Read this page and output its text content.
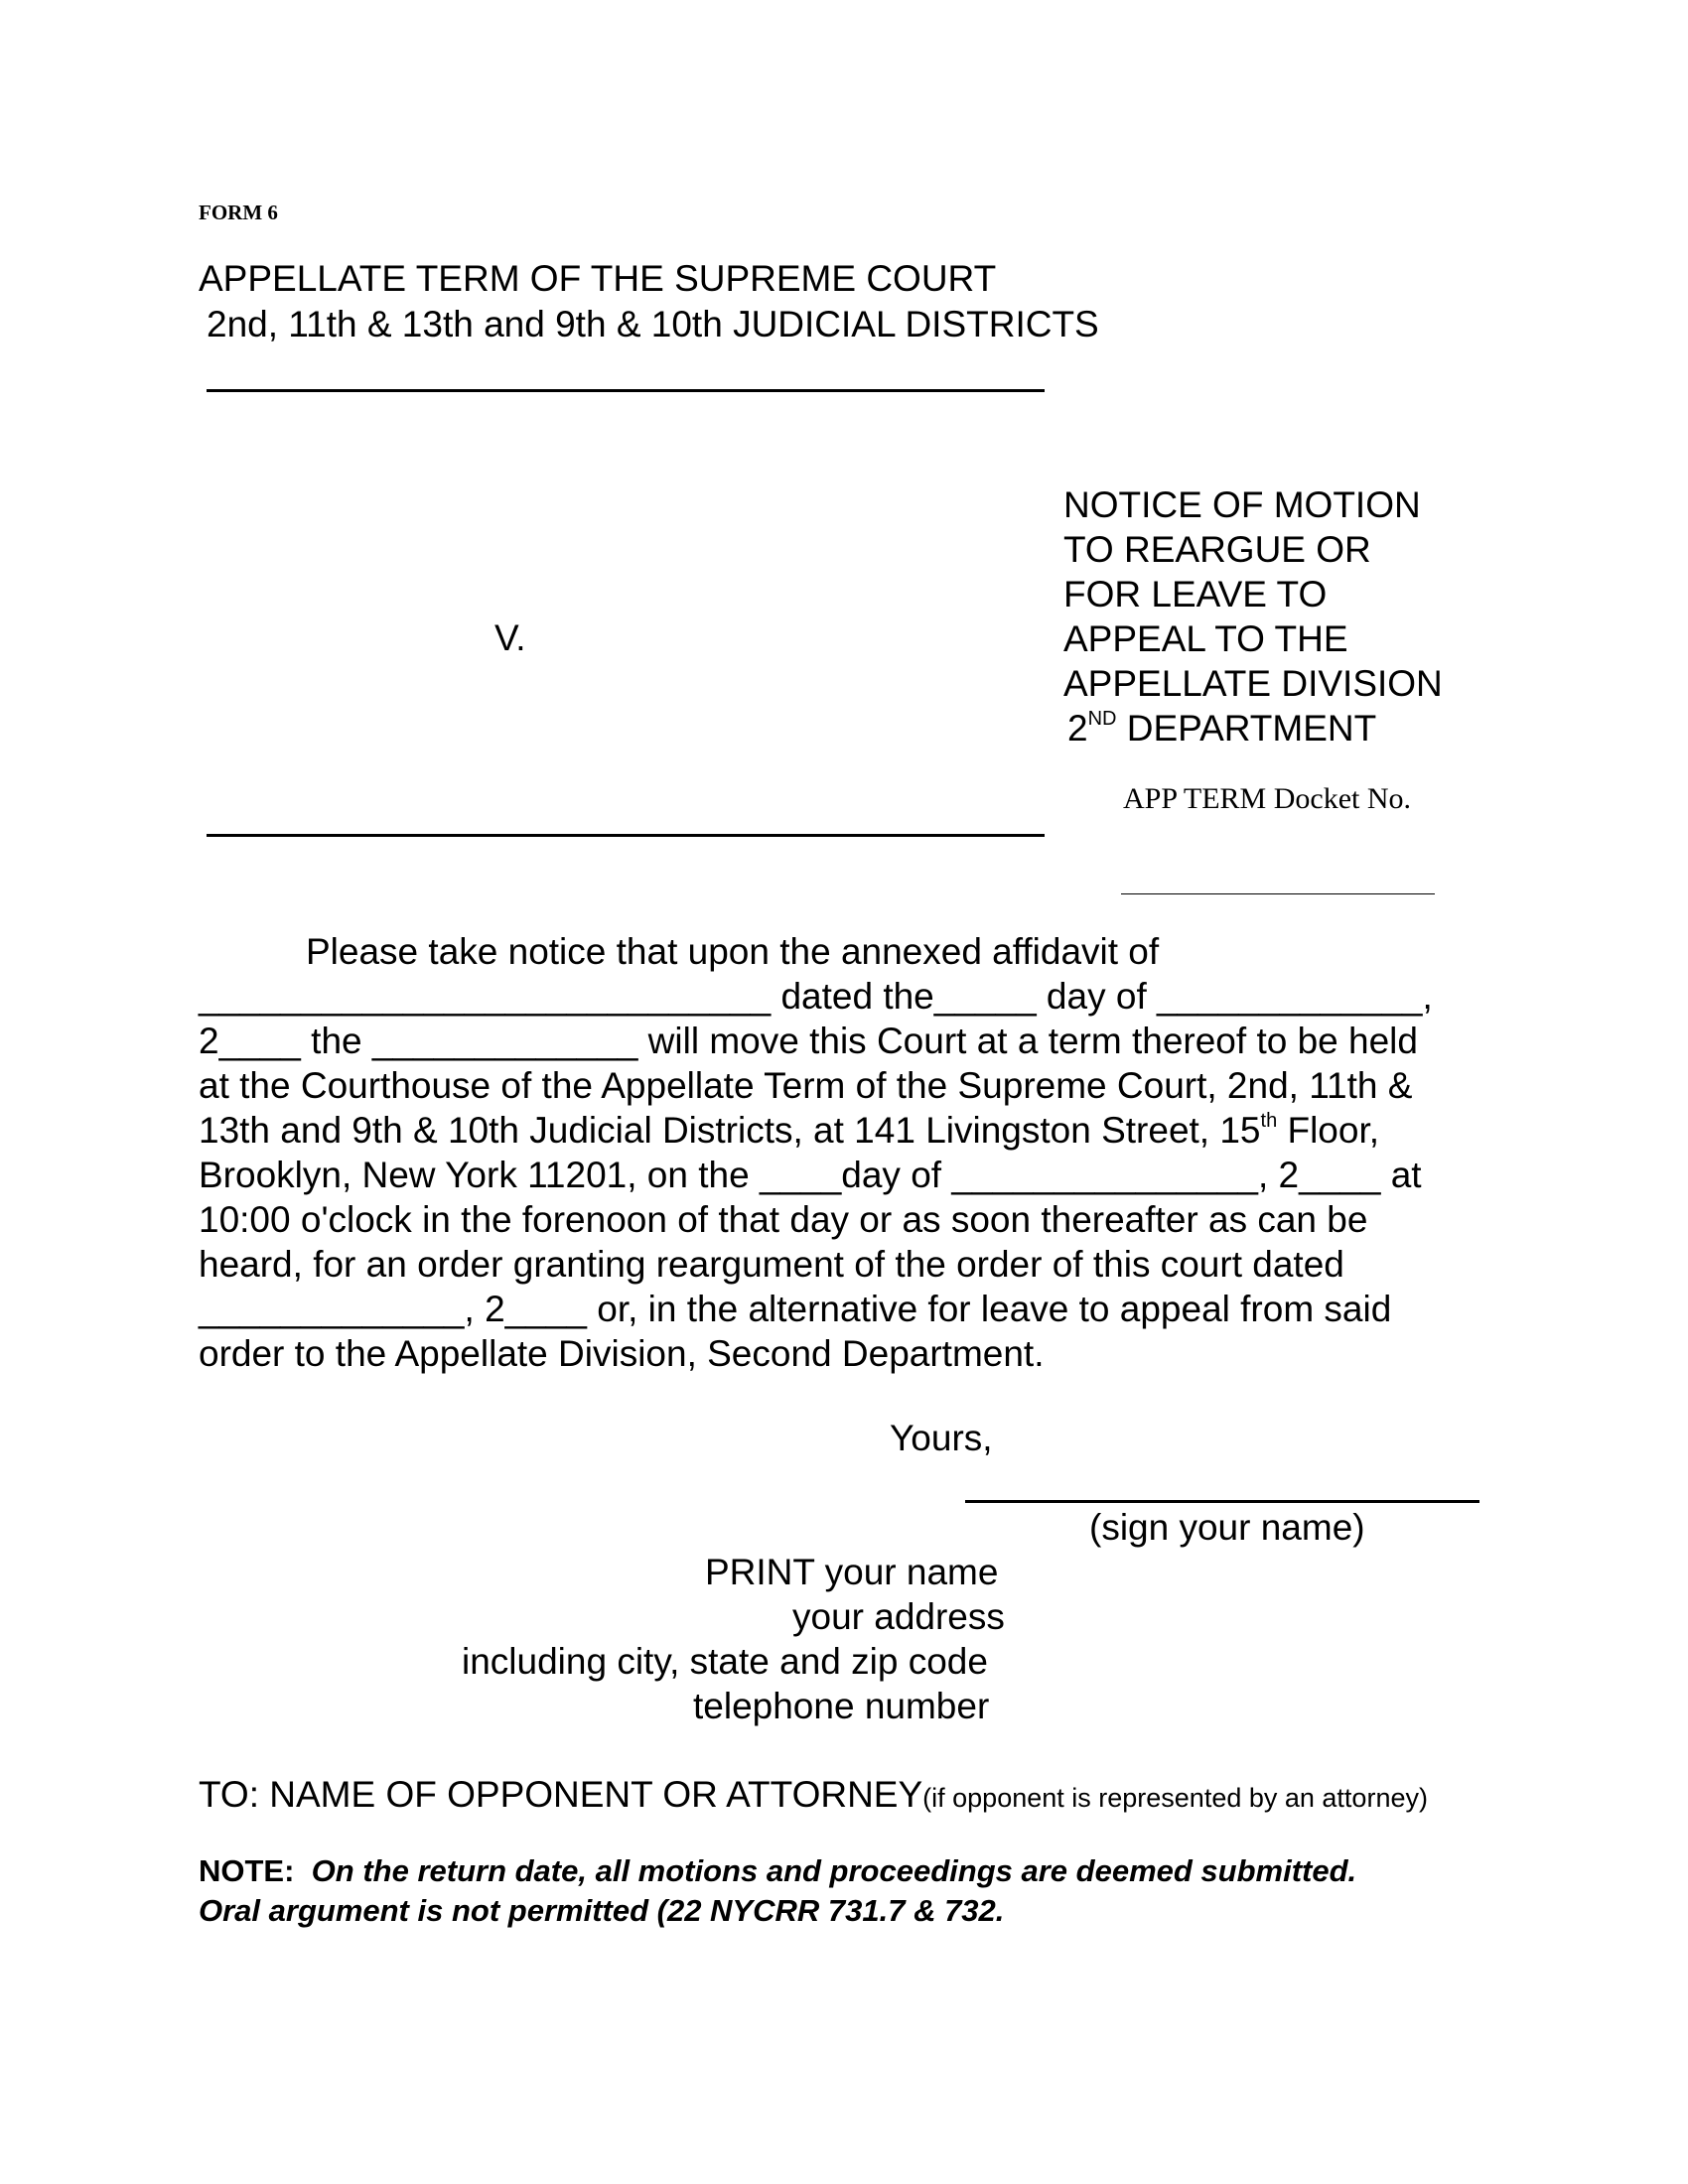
FORM 6
APPELLATE TERM OF THE SUPREME COURT
2nd, 11th & 13th and 9th & 10th JUDICIAL DISTRICTS
V.
NOTICE OF MOTION
TO REARGUE OR
FOR LEAVE TO
APPEAL TO THE
APPELLATE DIVISION
2ND DEPARTMENT
APP TERM Docket No.
Please take notice that upon the annexed affidavit of
____________________________ dated the_____ day of _____________,
2____ the _____________ will move this Court at a term thereof to be held
at the Courthouse of the Appellate Term of the Supreme Court, 2nd, 11th &
13th and 9th & 10th Judicial Districts, at 141 Livingston Street, 15th Floor,
Brooklyn, New York 11201, on the ____day of _______________, 2____ at
10:00 o'clock in the forenoon of that day or as soon thereafter as can be
heard, for an order granting reargument of the order of this court dated
_____________, 2____ or, in the alternative for leave to appeal from said
order to the Appellate Division, Second Department.
Yours,
(sign your name)
PRINT your name
your address
including city, state and zip code
telephone number
TO: NAME OF OPPONENT OR ATTORNEY(if opponent is represented by an attorney)
NOTE: On the return date, all motions and proceedings are deemed submitted.
Oral argument is not permitted (22 NYCRR 731.7 & 732.
